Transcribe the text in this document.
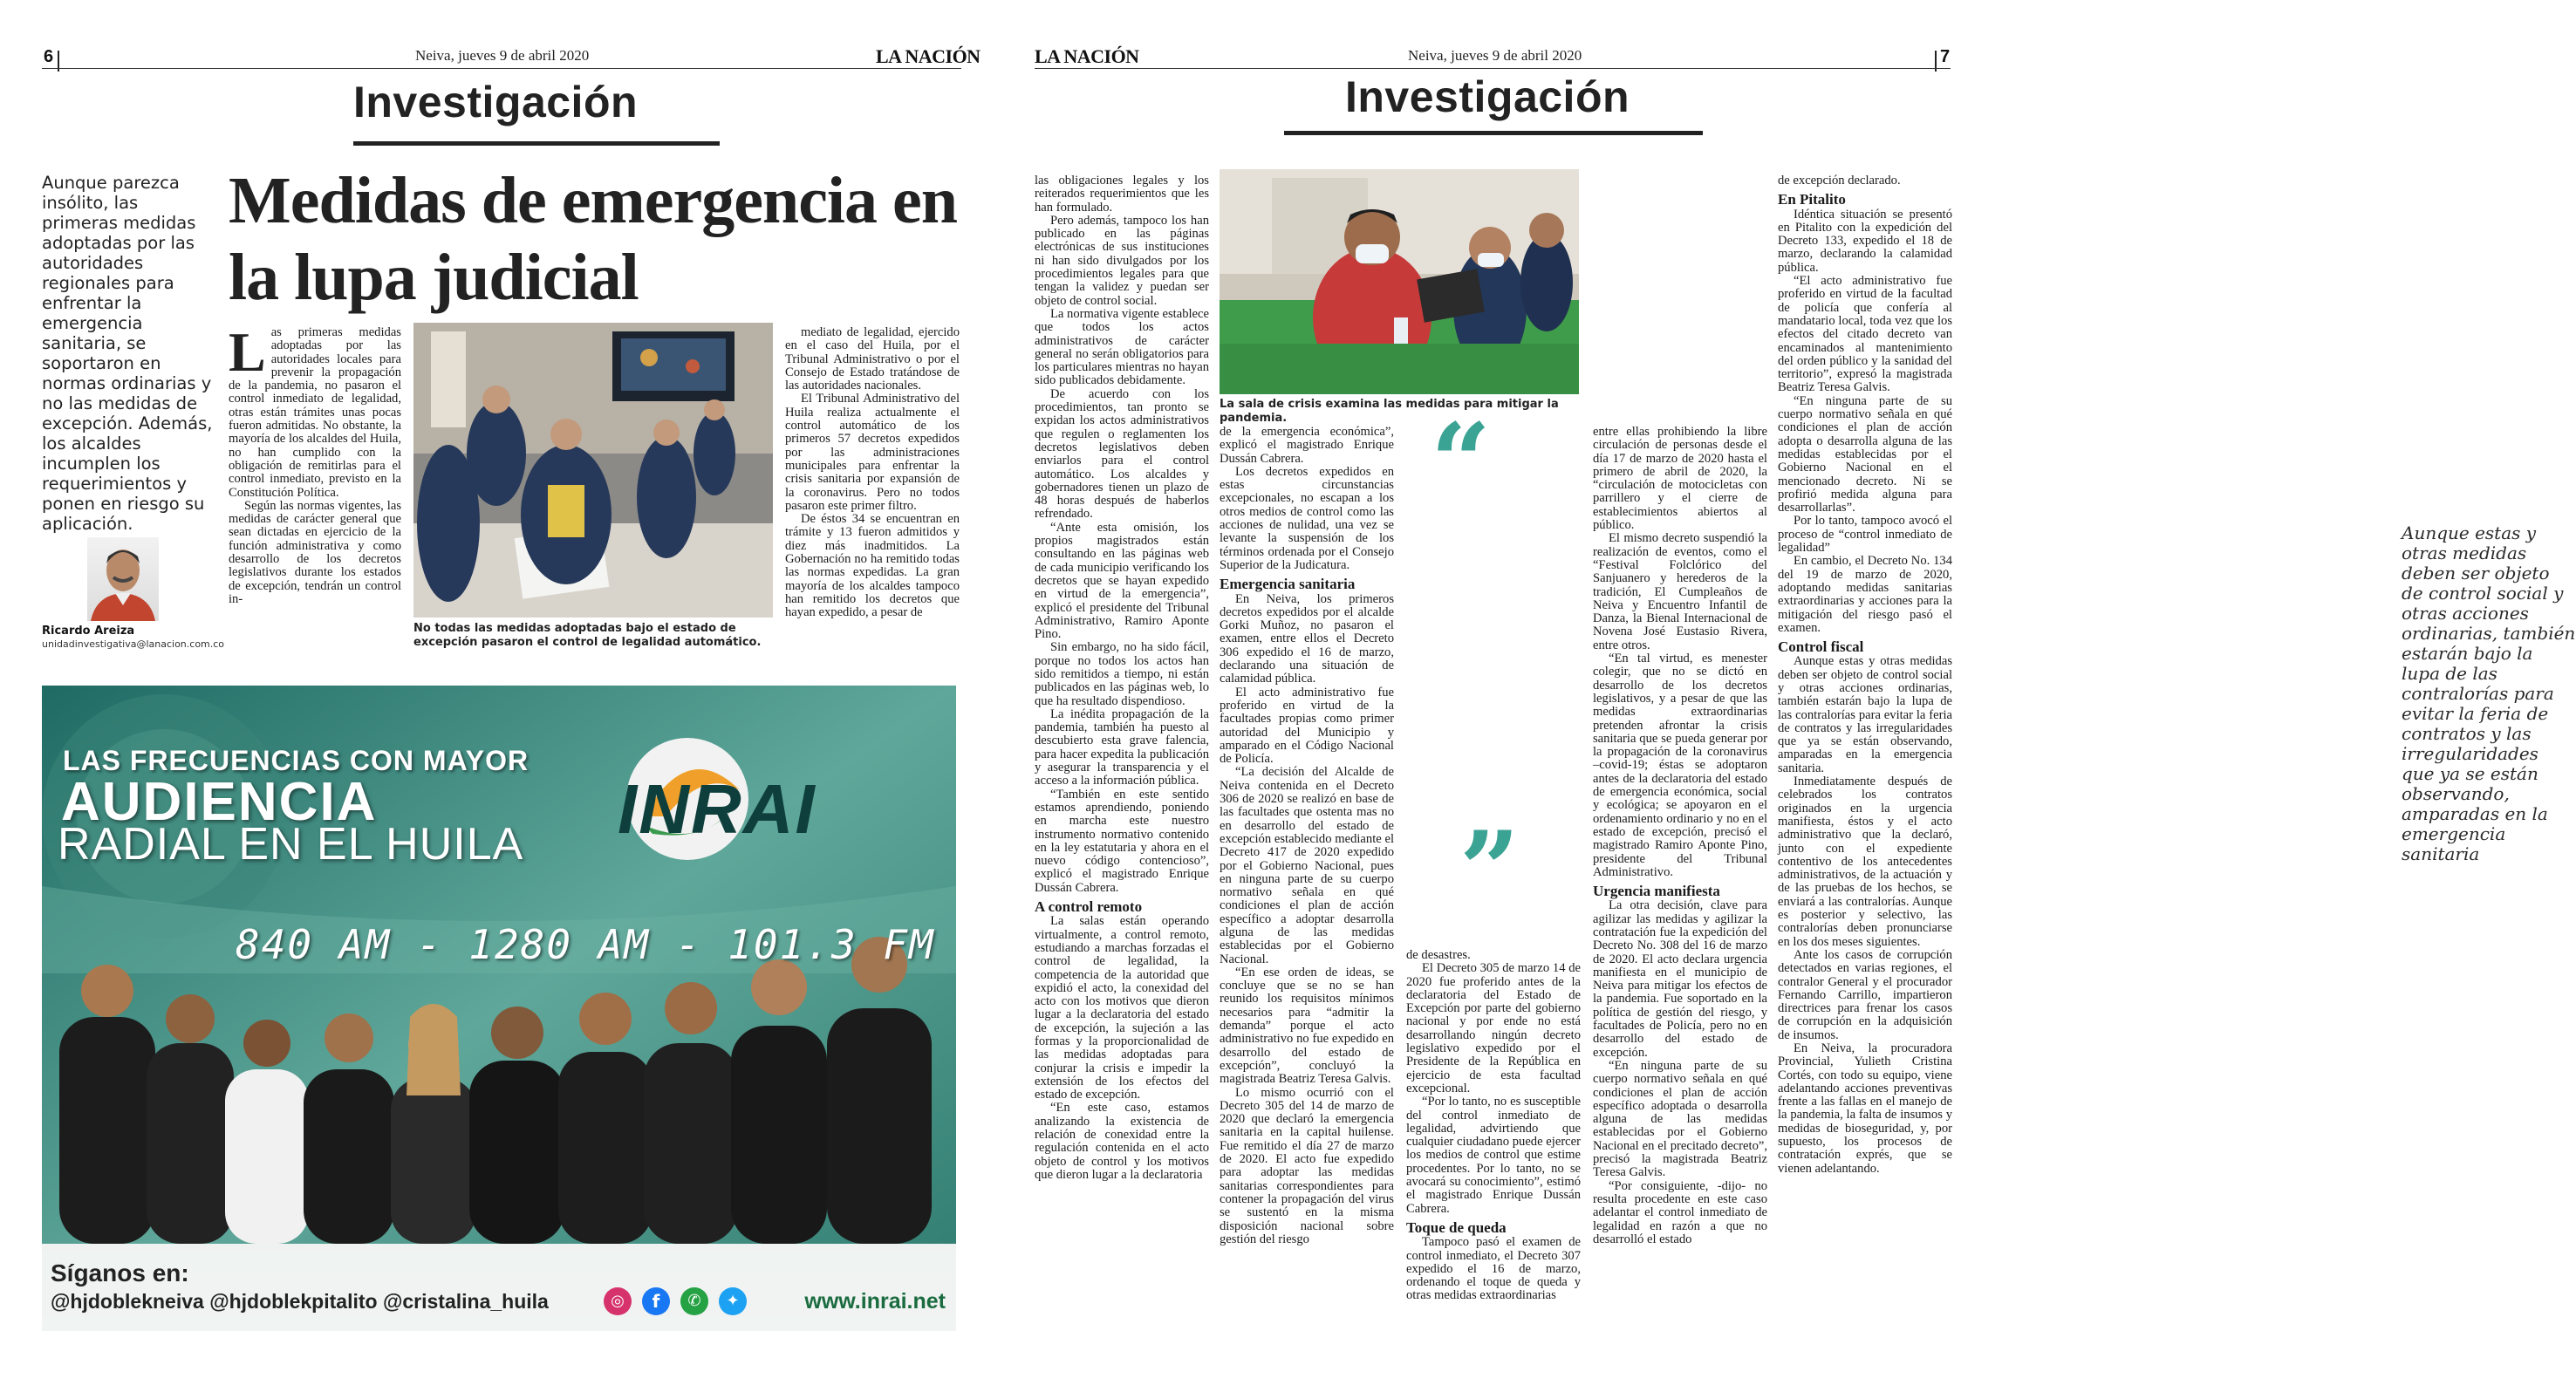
6	Neiva, jueves 9 de abril 2020	LA NACIÓN
Investigación
Aunque parezca insólito, las primeras medidas adoptadas por las autoridades regionales para enfrentar la emergencia sanitaria, se soportaron en normas ordinarias y no las medidas de excepción. Además, los alcaldes incumplen los requerimientos y ponen en riesgo su aplicación.
Medidas de emergencia en la lupa judicial
Ricardo Areiza
unidadinvestigativa@lanacion.com.co
L as primeras medidas adoptadas por las autoridades locales para prevenir la propagación de la pandemia, no pasaron el control inmediato de legalidad, otras están trámites unas pocas fueron admitidas. No obstante, la mayoría de los alcaldes del Huila, no han cumplido con la obligación de remitirlas para el control inmediato, previsto en la Constitución Política.

Según las normas vigentes, las medidas de carácter general que sean dictadas en ejercicio de la función administrativa y como desarrollo de los decretos legislativos durante los estados de excepción, tendrán un control in-

No todas las medidas adoptadas bajo el estado de excepción pasaron el control de legalidad automático.

mediato de legalidad, ejercido en el caso del Huila, por el Tribunal Administrativo o por el Consejo de Estado tratándose de las autoridades nacionales.

El Tribunal Administrativo del Huila realiza actualmente el control automático de los primeros 57 decretos expedidos por las administraciones municipales para enfrentar la crisis sanitaria por expansión de la coronavirus. Pero no todos pasaron este primer filtro.

De éstos 34 se encuentran en trámite y 13 fueron admitidos y diez más inadmitidos. La Gobernación no ha remitido todas las normas expedidas. La gran mayoría de los alcaldes tampoco han remitido los decretos que hayan expedido, a pesar de

LAS FRECUENCIAS CON MAYOR
AUDIENCIA
RADIAL EN EL HUILA
840 AM - 1280 AM - 101.3 FM
INRAI
Síganos en:
@hjdoblekneiva @hjdoblekpitalito @cristalina_huila	◎	f	✆	✦	www.inrai.net
LA NACIÓN	Neiva, jueves 9 de abril 2020	7
Investigación

las obligaciones legales y los reiterados requerimientos que les han formulado.

Pero además, tampoco los han publicado en las páginas electrónicas de sus instituciones ni han sido divulgados por los procedimientos legales para que tengan la validez y puedan ser objeto de control social.

La normativa vigente establece que todos los actos administrativos de carácter general no serán obligatorios para los particulares mientras no hayan sido publicados debidamente.

De acuerdo con los procedimientos, tan pronto se expidan los actos administrativos que regulen o reglamenten los decretos legislativos deben enviarlos para el control automático. Los alcaldes y gobernadores tienen un plazo de 48 horas después de haberlos refrendado.

“Ante esta omisión, los propios magistrados están consultando en las páginas web de cada municipio verificando los decretos que se hayan expedido en virtud de la emergencia”, explicó el presidente del Tribunal Administrativo, Ramiro Aponte Pino.

Sin embargo, no ha sido fácil, porque no todos los actos han sido remitidos a tiempo, ni están publicados en las páginas web, lo que ha resultado dispendioso.

La inédita propagación de la pandemia, también ha puesto al descubierto esta grave falencia, para hacer expedita la publicación y asegurar la transparencia y el acceso a la información pública.

“También en este sentido estamos aprendiendo, poniendo en marcha este nuestro instrumento normativo contenido en la ley estatutaria y ahora en el nuevo código contencioso”, explicó el magistrado Enrique Dussán Cabrera.

A control remoto

La salas están operando virtualmente, a control remoto, estudiando a marchas forzadas el control de legalidad, la competencia de la autoridad que expidió el acto, la conexidad del acto con los motivos que dieron lugar a la declaratoria del estado de excepción, la sujeción a las formas y la proporcionalidad de las medidas adoptadas para conjurar la crisis e impedir la extensión de los efectos del estado de excepción.

“En este caso, estamos analizando la existencia de relación de conexidad entre la regulación contenida en el acto objeto de control y los motivos que dieron lugar a la declaratoria

La sala de crisis examina las medidas para mitigar la pandemia.

de la emergencia económica”, explicó el magistrado Enrique Dussán Cabrera.

Los decretos expedidos en estas circunstancias excepcionales, no escapan a los otros medios de control como las acciones de nulidad, una vez se levante la suspensión de los términos ordenada por el Consejo Superior de la Judicatura.

Emergencia sanitaria

En Neiva, los primeros decretos expedidos por el alcalde Gorki Muñoz, no pasaron el examen, entre ellos el Decreto 306 expedido el 16 de marzo, declarando una situación de calamidad pública.

El acto administrativo fue proferido en virtud de la facultades propias como primer autoridad del Municipio y amparado en el Código Nacional de Policía.

“La decisión del Alcalde de Neiva contenida en el Decreto 306 de 2020 se realizó en base de las facultades que ostenta mas no en desarrollo del estado de excepción establecido mediante el Decreto 417 de 2020 expedido por el Gobierno Nacional, pues en ninguna parte de su cuerpo normativo señala en qué condiciones el plan de acción específico a adoptar desarrolla alguna de las medidas establecidas por el Gobierno Nacional.

“En ese orden de ideas, se concluye que se no se han reunido los requisitos mínimos necesarios para “admitir la demanda” porque el acto administrativo no fue expedido en desarrollo del estado de excepción”, concluyó la magistrada Beatriz Teresa Galvis.

Lo mismo ocurrió con el Decreto 305 del 14 de marzo de 2020 que declaró la emergencia sanitaria en la capital huilense. Fue remitido el día 27 de marzo de 2020. El acto fue expedido para adoptar las medidas sanitarias correspondientes para contener la propagación del virus se sustentó en la misma disposición nacional sobre gestión del riesgo

“
Aunque estas y otras medidas deben ser objeto de control social y otras acciones ordinarias, también estarán bajo la lupa de las contralorías para evitar la feria de contratos y las irregularidades que ya se están observando, amparadas en la emergencia sanitaria
”

de desastres.

El Decreto 305 de marzo 14 de 2020 fue proferido antes de la declaratoria del Estado de Excepción por parte del gobierno nacional y por ende no está desarrollando ningún decreto legislativo expedido por el Presidente de la República en ejercicio de esta facultad excepcional.

“Por lo tanto, no es susceptible del control inmediato de legalidad, advirtiendo que cualquier ciudadano puede ejercer los medios de control que estime procedentes. Por lo tanto, no se avocará su conocimiento”, estimó el magistrado Enrique Dussán Cabrera.

Toque de queda

Tampoco pasó el examen de control inmediato, el Decreto 307 expedido el 16 de marzo, ordenando el toque de queda y otras medidas extraordinarias

entre ellas prohibiendo la libre circulación de personas desde el día 17 de marzo de 2020 hasta el primero de abril de 2020, la “circulación de motocicletas con parrillero y el cierre de establecimientos abiertos al público.

El mismo decreto suspendió la realización de eventos, como el “Festival Folclórico del Sanjuanero y herederos de la tradición, El Cumpleaños de Neiva y Encuentro Infantil de Danza, la Bienal Internacional de Novena José Eustasio Rivera, entre otros.

“En tal virtud, es menester colegir, que no se dictó en desarrollo de los decretos legislativos, y a pesar de que las medidas extraordinarias pretenden afrontar la crisis sanitaria que se pueda generar por la propagación de la coronavirus –covid-19; éstas se adoptaron antes de la declaratoria del estado de emergencia económica, social y ecológica; se apoyaron en el ordenamiento ordinario y no en el estado de excepción, precisó el magistrado Ramiro Aponte Pino, presidente del Tribunal Administrativo.

Urgencia manifiesta

La otra decisión, clave para agilizar las medidas y agilizar la contratación fue la expedición del Decreto No. 308 del 16 de marzo de 2020. El acto declara urgencia manifiesta en el municipio de Neiva para mitigar los efectos de la pandemia. Fue soportado en la política de gestión del riesgo, y facultades de Policía, pero no en desarrollo del estado de excepción.

“En ninguna parte de su cuerpo normativo señala en qué condiciones el plan de acción específico adoptada o desarrolla alguna de las medidas establecidas por el Gobierno Nacional en el precitado decreto”, precisó la magistrada Beatriz Teresa Galvis.

“Por consiguiente, -dijo- no resulta procedente en este caso adelantar el control inmediato de legalidad en razón a que no desarrolló el estado

de excepción declarado.

En Pitalito

Idéntica situación se presentó en Pitalito con la expedición del Decreto 133, expedido el 18 de marzo, declarando la calamidad pública.

“El acto administrativo fue proferido en virtud de la facultad de policía que confería al mandatario local, toda vez que los efectos del citado decreto van encaminados al mantenimiento del orden público y la sanidad del territorio”, expresó la magistrada Beatriz Teresa Galvis.

“En ninguna parte de su cuerpo normativo señala en qué condiciones el plan de acción adopta o desarrolla alguna de las medidas establecidas por el Gobierno Nacional en el mencionado decreto. Ni se profirió medida alguna para desarrollarlas”.

Por lo tanto, tampoco avocó el proceso de “control inmediato de legalidad”

En cambio, el Decreto No. 134 del 19 de marzo de 2020, adoptando medidas sanitarias extraordinarias y acciones para la mitigación del riesgo pasó el examen.

Control fiscal

Aunque estas y otras medidas deben ser objeto de control social y otras acciones ordinarias, también estarán bajo la lupa de las contralorías para evitar la feria de contratos y las irregularidades que ya se están observando, amparadas en la emergencia sanitaria.

Inmediatamente después de celebrados los contratos originados en la urgencia manifiesta, éstos y el acto administrativo que la declaró, junto con el expediente contentivo de los antecedentes administrativos, de la actuación y de las pruebas de los hechos, se enviará a las contralorías. Aunque es posterior y selectivo, las contralorías deben pronunciarse en los dos meses siguientes.

Ante los casos de corrupción detectados en varias regiones, el contralor General y el procurador Fernando Carrillo, impartieron directrices para frenar los casos de corrupción en la adquisición de insumos.

En Neiva, la procuradora Provincial, Yulieth Cristina Cortés, con todo su equipo, viene adelantando acciones preventivas frente a las fallas en el manejo de la pandemia, la falta de insumos y medidas de bioseguridad, y, por supuesto, los procesos de contratación exprés, que se vienen adelantando.
